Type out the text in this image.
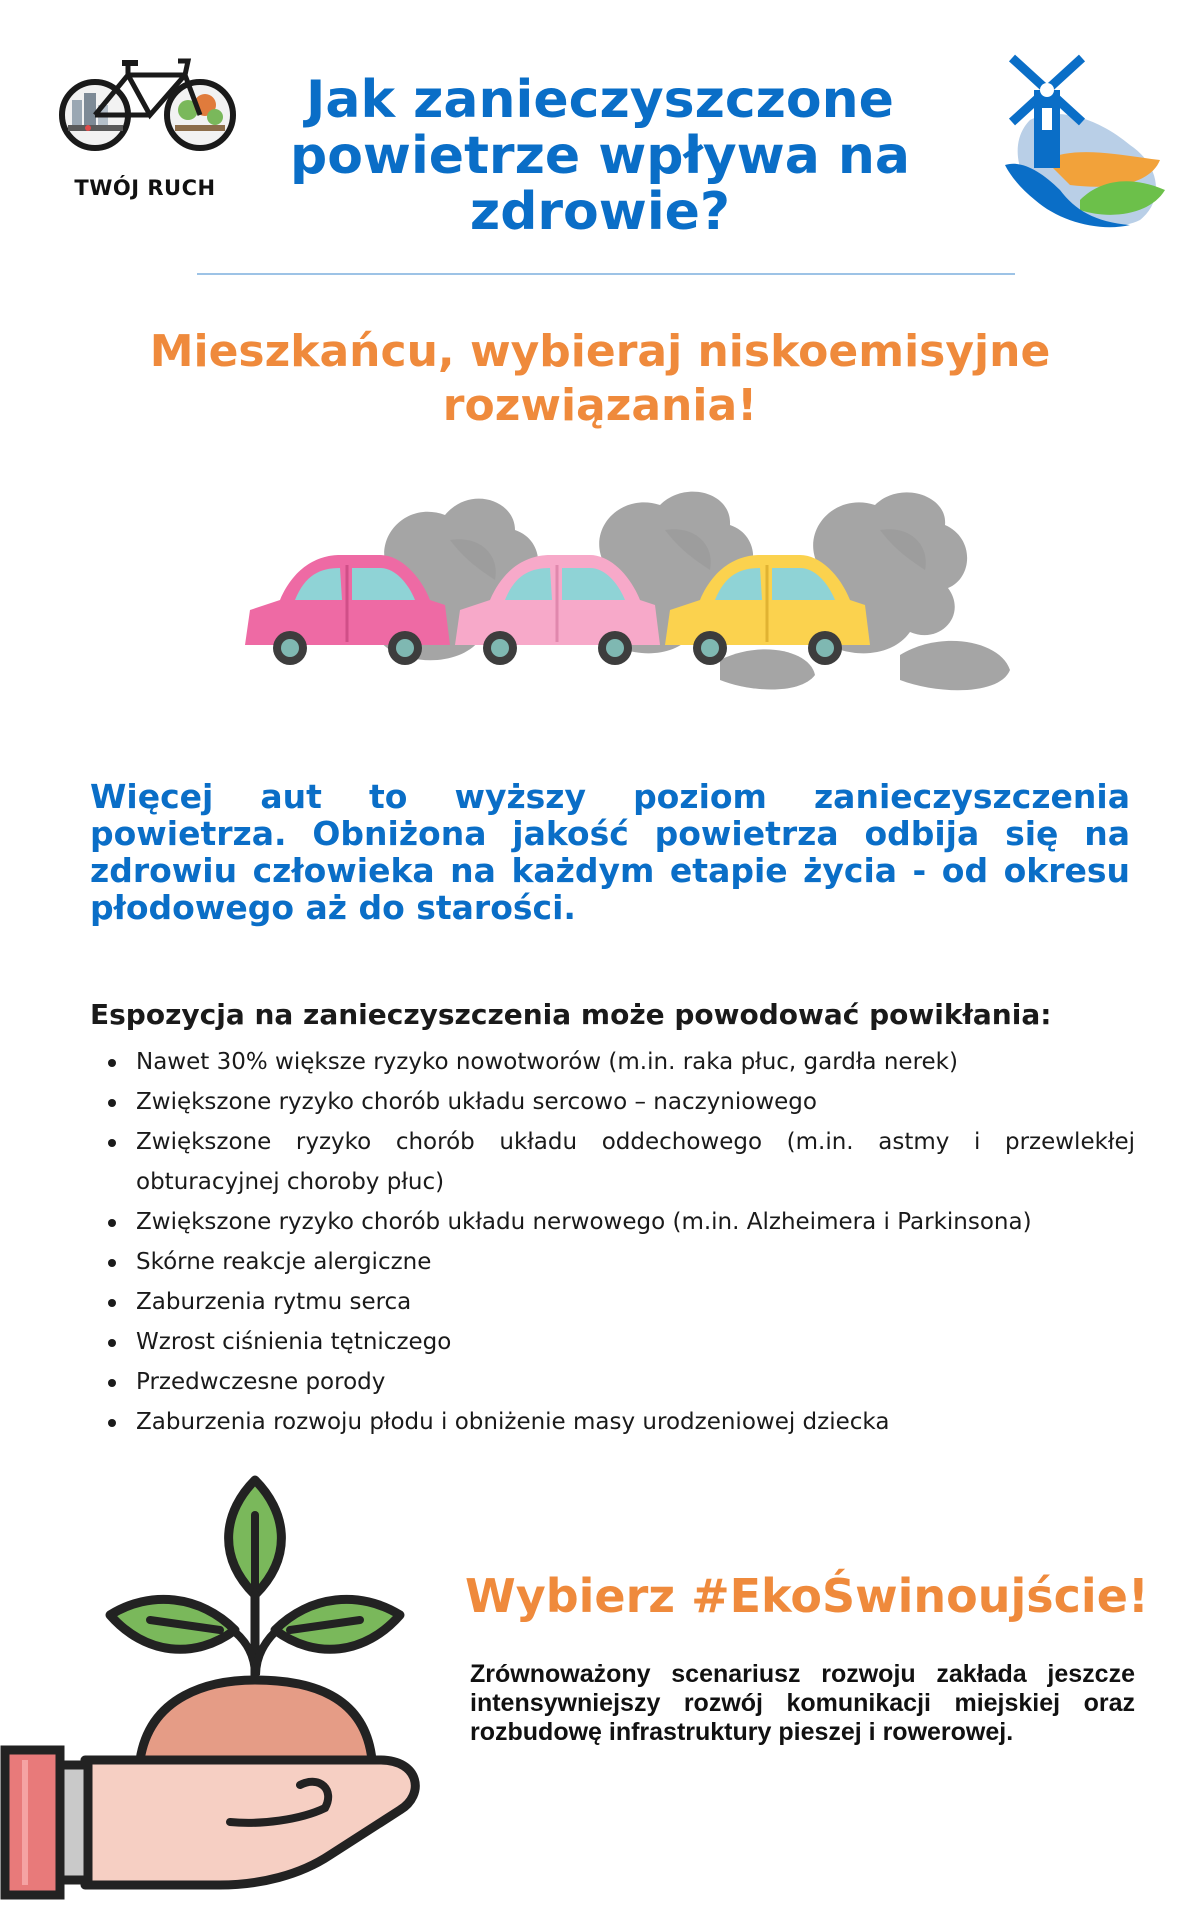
TWÓJ RUCH
Jak zanieczyszczone powietrze wpływa na zdrowie?
Mieszkańcu, wybieraj niskoemisyjne rozwiązania!

Więcej aut to wyższy poziom zanieczyszczenia powietrza. Obniżona jakość powietrza odbija się na zdrowiu człowieka na każdym etapie życia - od okresu płodowego aż do starości.

Espozycja na zanieczyszczenia może powodować powikłania:
Nawet 30% większe ryzyko nowotworów (m.in. raka płuc, gardła nerek)
Zwiększone ryzyko chorób układu sercowo – naczyniowego
Zwiększone ryzyko chorób układu oddechowego (m.in. astmy i przewlekłej obturacyjnej choroby płuc)
Zwiększone ryzyko chorób układu nerwowego (m.in. Alzheimera i Parkinsona)
Skórne reakcje alergiczne
Zaburzenia rytmu serca
Wzrost ciśnienia tętniczego
Przedwczesne porody
Zaburzenia rozwoju płodu i obniżenie masy urodzeniowej dziecka
Wybierz #EkoŚwinoujście!

Zrównoważony scenariusz rozwoju zakłada jeszcze intensywniejszy rozwój komunikacji miejskiej oraz rozbudowę infrastruktury pieszej i rowerowej.
